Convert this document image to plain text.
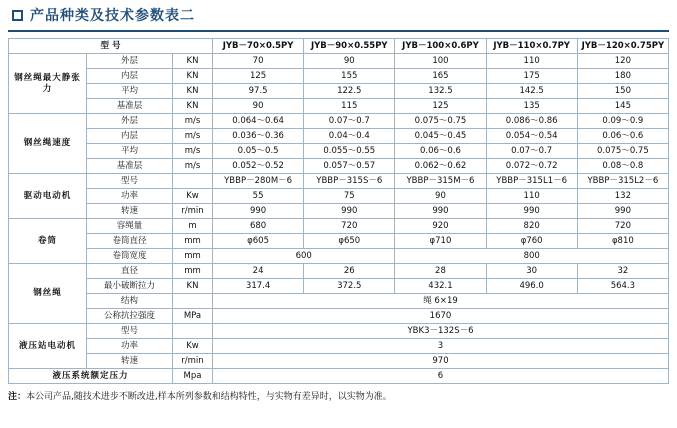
产品种类及技术参数表二
型 号			JYB－70×0.5PY	JYB－90×0.55PY	JYB－100×0.6PY	JYB－110×0.7PY	JYB－120×0.75PY
钢丝绳最大静张力	外层	KN	70	90	100	110	120
	内层	KN	125	155	165	175	180
	平均	KN	97.5	122.5	132.5	142.5	150
	基准层	KN	90	115	125	135	145
钢丝绳速度	外层	m/s	0.064～0.64	0.07～0.7	0.075～0.75	0.086～0.86	0.09～0.9
	内层	m/s	0.036～0.36	0.04～0.4	0.045～0.45	0.054～0.54	0.06～0.6
	平均	m/s	0.05～0.5	0.055～0.55	0.06～0.6	0.07～0.7	0.075～0.75
	基准层	m/s	0.052～0.52	0.057～0.57	0.062～0.62	0.072～0.72	0.08～0.8
驱动电动机	型号		YBBP－280M－6	YBBP－315S－6	YBBP－315M－6	YBBP－315L1－6	YBBP－315L2－6
	功率	Kw	55	75	90	110	132
	转速	r/min	990	990	990	990	990
卷筒	容绳量	m	680	720	920	820	720
	卷筒直径	mm	φ605	φ650	φ710	φ760	φ810
	卷筒宽度	mm	600		800		
钢丝绳	直径	mm	24	26	28	30	32
	最小破断拉力	KN	317.4	372.5	432.1	496.0	564.3
	结构		绳 6×19				
	公称抗拉强度	MPa	1670				
液压站电动机	型号		YBK3－132S－6				
	功率	Kw	3				
	转速	r/min	970				
液压系统额定压力		Mpa	6				
注：本公司产品,随技术进步不断改进,样本所列参数和结构特性，与实物有差异时，以实物为准。
